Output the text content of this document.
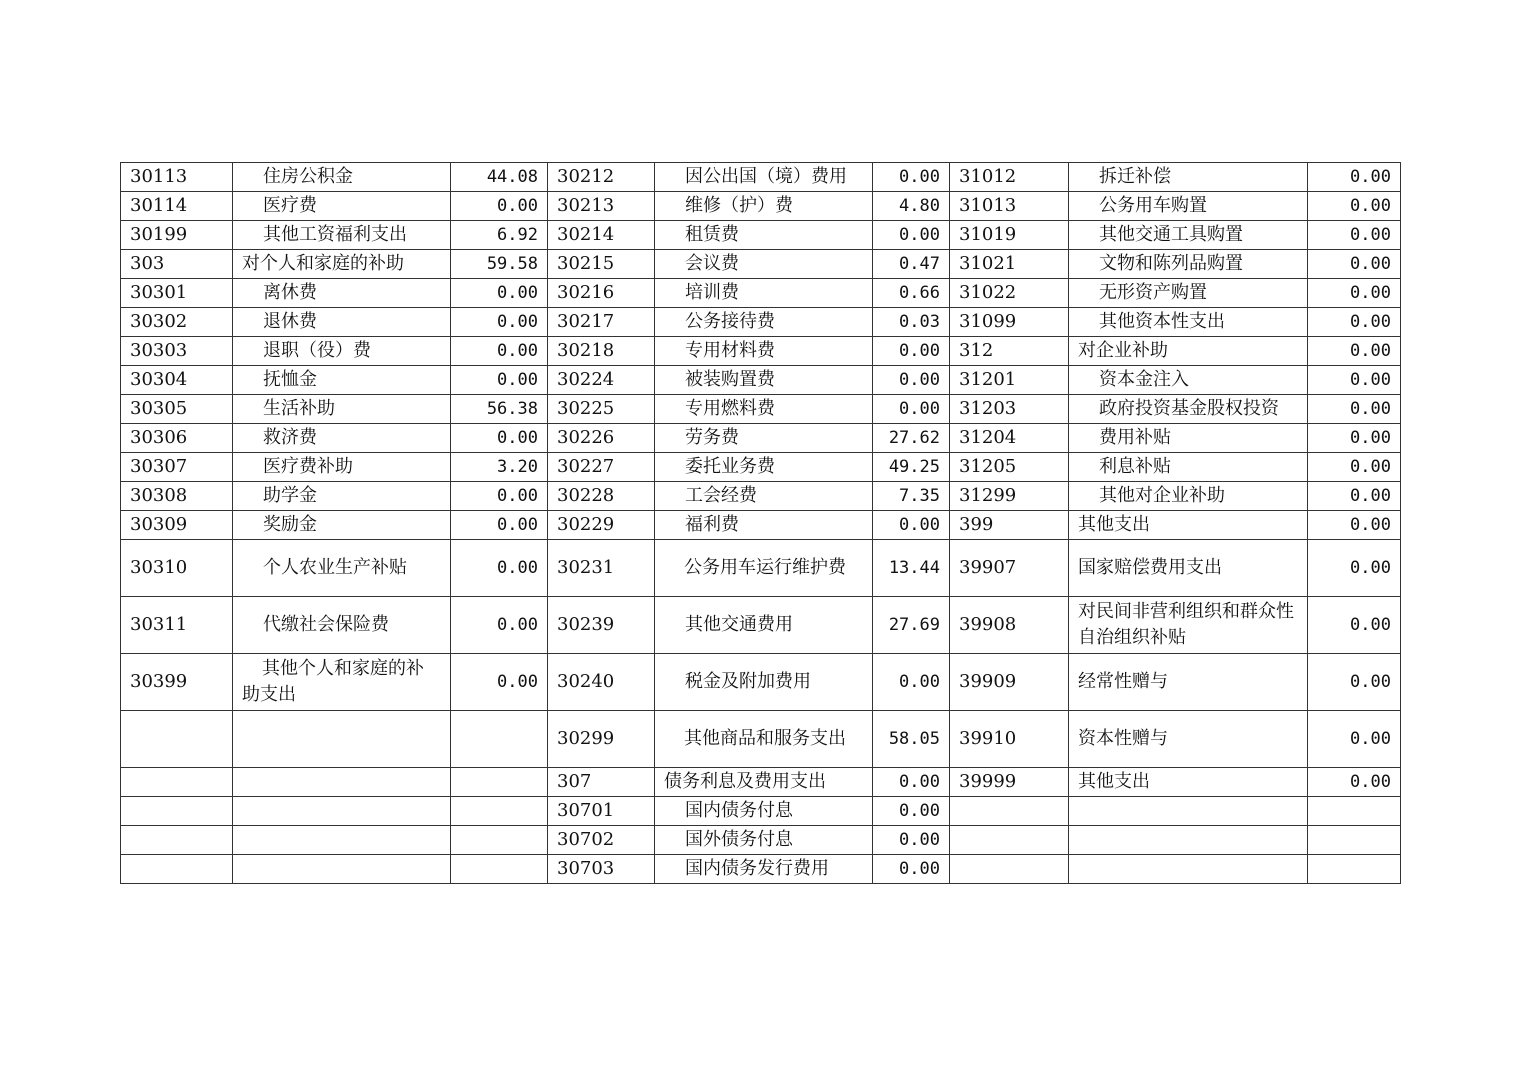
30113	住房公积金	44.08	30212	因公出国（境）费用	0.00	31012	拆迁补偿	0.00
30114	医疗费	0.00	30213	维修（护）费	4.80	31013	公务用车购置	0.00
30199	其他工资福利支出	6.92	30214	租赁费	0.00	31019	其他交通工具购置	0.00
303	对个人和家庭的补助	59.58	30215	会议费	0.47	31021	文物和陈列品购置	0.00
30301	离休费	0.00	30216	培训费	0.66	31022	无形资产购置	0.00
30302	退休费	0.00	30217	公务接待费	0.03	31099	其他资本性支出	0.00
30303	退职（役）费	0.00	30218	专用材料费	0.00	312	对企业补助	0.00
30304	抚恤金	0.00	30224	被装购置费	0.00	31201	资本金注入	0.00
30305	生活补助	56.38	30225	专用燃料费	0.00	31203	政府投资基金股权投资	0.00
30306	救济费	0.00	30226	劳务费	27.62	31204	费用补贴	0.00
30307	医疗费补助	3.20	30227	委托业务费	49.25	31205	利息补贴	0.00
30308	助学金	0.00	30228	工会经费	7.35	31299	其他对企业补助	0.00
30309	奖励金	0.00	30229	福利费	0.00	399	其他支出	0.00
30310	个人农业生产补贴	0.00	30231	公务用车运行维护费	13.44	39907	国家赔偿费用支出	0.00
30311	代缴社会保险费	0.00	30239	其他交通费用	27.69	39908	对民间非营利组织和群众性自治组织补贴	0.00
30399	其他个人和家庭的补助支出	0.00	30240	税金及附加费用	0.00	39909	经常性赠与	0.00
			30299	其他商品和服务支出	58.05	39910	资本性赠与	0.00
			307	债务利息及费用支出	0.00	39999	其他支出	0.00
			30701	国内债务付息	0.00			
			30702	国外债务付息	0.00			
			30703	国内债务发行费用	0.00			
